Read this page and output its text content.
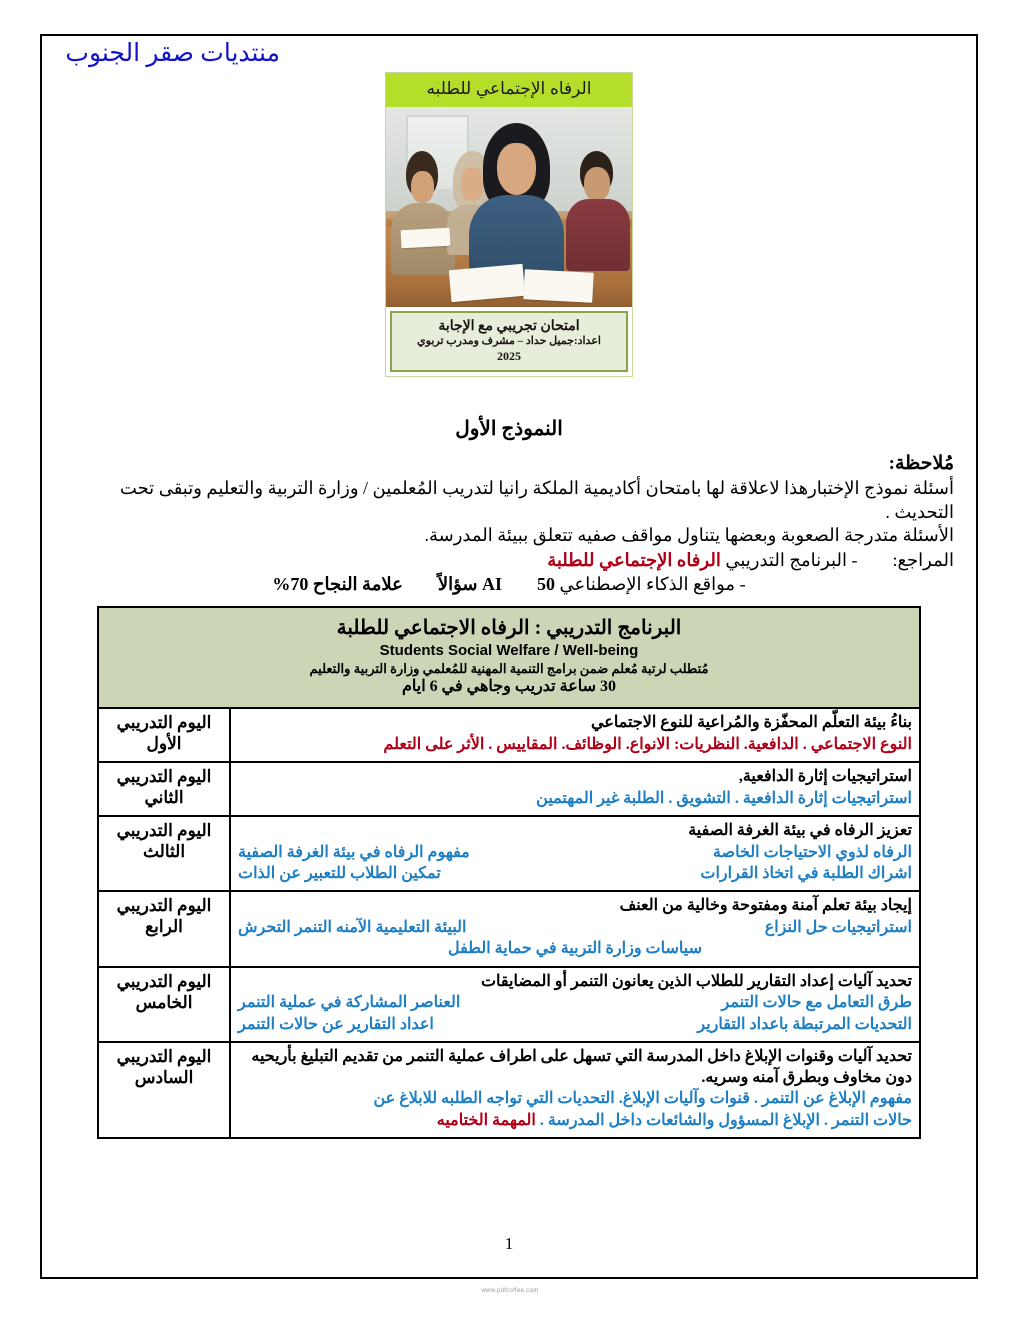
منتديات صقر الجنوب
الرفاه الإجتماعي للطلبه
امتحان تجريبي مع الإجابة
اعداد:جميل حداد – مشرف ومدرب تربوي
2025
النموذج الأول
مُلاحظة:
أسئلة نموذج الإختبارهذا لاعلاقة لها بامتحان أكاديمية الملكة رانيا لتدريب المُعلمين / وزارة التربية والتعليم وتبقى تحت التحديث .
الأسئلة متدرجة الصعوبة وبعضها يتناول مواقف صفيه تتعلق ببيئة المدرسة.
المراجع:  - البرنامج التدريبي الرفاه الإجتماعي للطلبة
- مواقع الذكاء الإصطناعي AI  50 سؤالاً  علامة النجاح 70%
البرنامج التدريبي : الرفاه الاجتماعي للطلبة
Students Social Welfare / Well-being
مُتطلب لرتبة مُعلم ضمن برامج التنمية المهنية للمُعلمي وزارة التربية والتعليم
30 ساعة تدريب وجاهي في 6 ايام	

بناءُ بيئة التعلّم المحفّزة والمُراعية للنوع الاجتماعي
النوع الاجتماعي . الدافعية. النظريات: الانواع. الوظائف. المقاييس . الأثر على التعلم	اليوم التدريبي الأول

استراتيجيات إثارة الدافعية,
استراتيجيات إثارة الدافعية . التشويق . الطلبة غير المهتمين	اليوم التدريبي الثاني

تعزيز الرفاه في بيئة الغرفة الصفية
مفهوم الرفاه في بيئة الغرفة الصفية الرفاه لذوي الاحتياجات الخاصة
تمكين الطلاب للتعبير عن الذات اشراك الطلبة في اتخاذ القرارات	اليوم التدريبي الثالث

إيجاد بيئة تعلم آمنة ومفتوحة وخالية من العنف
البيئة التعليمية الآمنه التنمر التحرش استراتيجيات حل النزاع
سياسات وزارة التربية في حماية الطفل	اليوم التدريبي الرابع

تحديد آليات إعداد التقارير للطلاب الذين يعانون التنمر أو المضايقات
العناصر المشاركة في عملية التنمر طرق التعامل مع حالات التنمر
اعداد التقارير عن حالات التنمر التحديات المرتبطة باعداد التقارير	اليوم التدريبي الخامس

تحديد آليات وقنوات الإبلاغ داخل المدرسة التي تسهل على اطراف عملية التنمر من تقديم التبليغ بأريحيه دون مخاوف وبطرق آمنه وسريه.
مفهوم الإبلاغ عن التنمر . قنوات وآليات الإبلاغ. التحديات التي تواجه الطلبه للابلاغ عن
حالات التنمر . الإبلاغ المسؤول والشائعات داخل المدرسة . المهمة الختاميه	اليوم التدريبي السادس
1
www.pdfcoffee.com
